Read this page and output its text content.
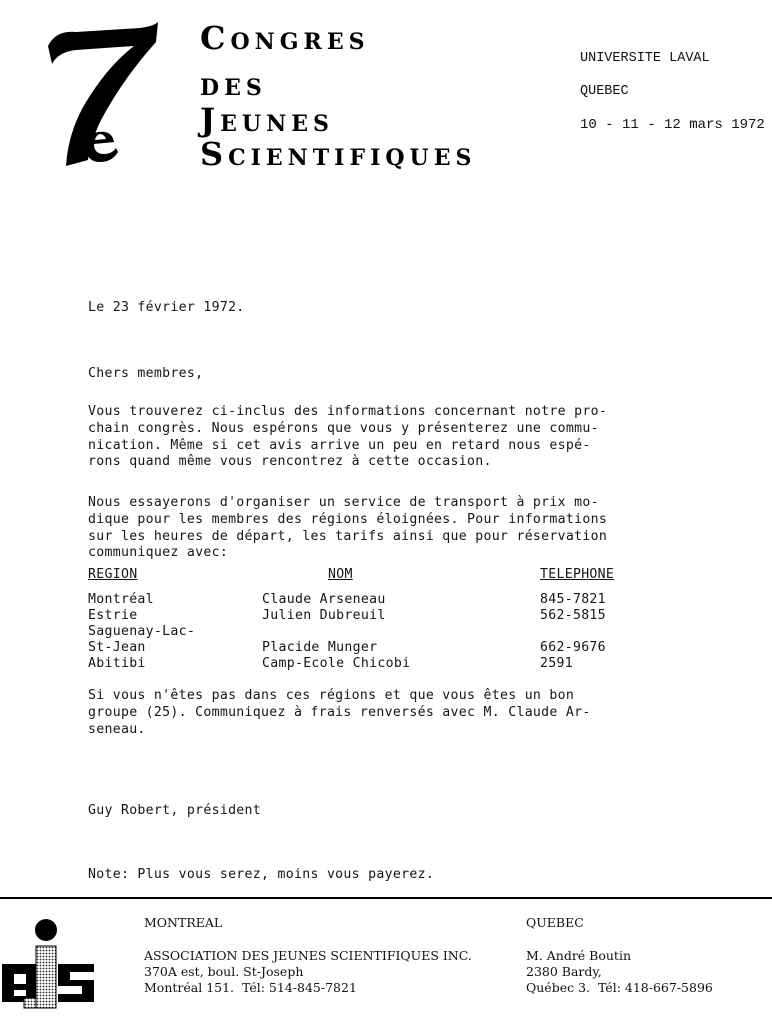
Congres
des
Jeunes
Scientifiques
UNIVERSITE LAVAL
QUEBEC
10 - 11 - 12 mars 1972
Le 23 février 1972.
Chers membres,
Vous trouverez ci-inclus des informations concernant notre pro-
chain congrès. Nous espérons que vous y présenterez une commu-
nication. Même si cet avis arrive un peu en retard nous espé-
rons quand même vous rencontrez à cette occasion.
Nous essayerons d'organiser un service de transport à prix mo-
dique pour les membres des régions éloignées. Pour informations
sur les heures de départ, les tarifs ainsi que pour réservation
communiquez avec:
REGION	NOM	TELEPHONE
Montréal	Claude Arseneau	845-7821
Estrie	Julien Dubreuil	562-5815
Saguenay-Lac-
St-Jean	Placide Munger	662-9676
Abitibi	Camp-Ecole Chicobi	2591
Si vous n'êtes pas dans ces régions et que vous êtes un bon
groupe (25). Communiquez à frais renversés avec M. Claude Ar-
seneau.
Guy Robert, président
Note: Plus vous serez, moins vous payerez.
MONTREAL
ASSOCIATION DES JEUNES SCIENTIFIQUES INC.
370A est, boul. St-Joseph
Montréal 151.  Tél: 514-845-7821
QUEBEC
M. André Boutin
2380 Bardy,
Québec 3.  Tél: 418-667-5896
